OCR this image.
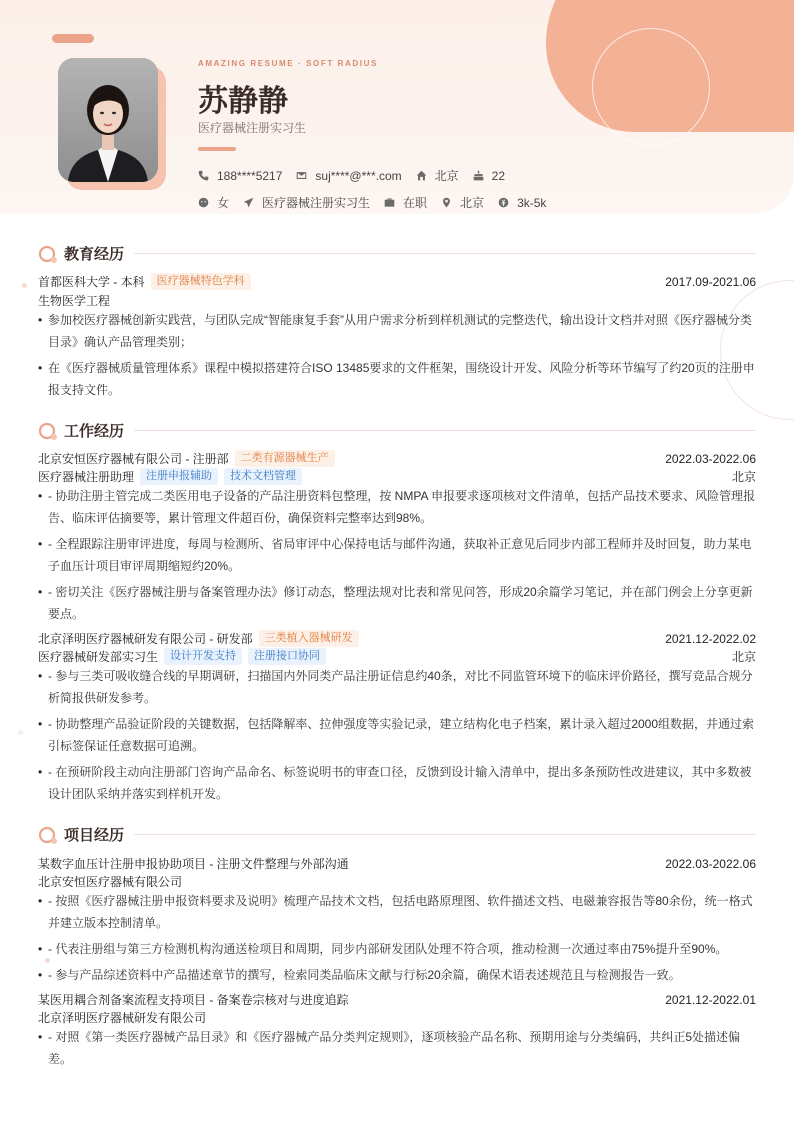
AMAZING RESUME · SOFT RADIUS
苏静静
医疗器械注册实习生
188****5217	suj****@***.com	北京	22
女	医疗器械注册实习生	在职	北京	3k-5k
教育经历
首都医科大学 - 本科	医疗器械特色学科	2017.09-2021.06
生物医学工程
• 参加校医疗器械创新实践营，与团队完成“智能康复手套”从用户需求分析到样机测试的完整迭代，输出设计文档并对照《医疗器械分类目录》确认产品管理类别；
• 在《医疗器械质量管理体系》课程中模拟搭建符合ISO 13485要求的文件框架，围绕设计开发、风险分析等环节编写了约20页的注册申报支持文件。
工作经历
北京安恒医疗器械有限公司 - 注册部	二类有源器械生产	2022.03-2022.06
医疗器械注册助理	注册申报辅助	技术文档管理	北京
• - 协助注册主管完成二类医用电子设备的产品注册资料包整理，按 NMPA 申报要求逐项核对文件清单，包括产品技术要求、风险管理报告、临床评估摘要等，累计管理文件超百份，确保资料完整率达到98%。
• - 全程跟踪注册审评进度，每周与检测所、省局审评中心保持电话与邮件沟通，获取补正意见后同步内部工程师并及时回复，助力某电子血压计项目审评周期缩短约20%。
• - 密切关注《医疗器械注册与备案管理办法》修订动态，整理法规对比表和常见问答，形成20余篇学习笔记，并在部门例会上分享更新要点。
北京泽明医疗器械研发有限公司 - 研发部	三类植入器械研发	2021.12-2022.02
医疗器械研发部实习生	设计开发支持	注册接口协同	北京
• - 参与三类可吸收缝合线的早期调研，扫描国内外同类产品注册证信息约40条，对比不同监管环境下的临床评价路径，撰写竞品合规分析简报供研发参考。
• - 协助整理产品验证阶段的关键数据，包括降解率、拉伸强度等实验记录，建立结构化电子档案，累计录入超过2000组数据，并通过索引标签保证任意数据可追溯。
• - 在预研阶段主动向注册部门咨询产品命名、标签说明书的审查口径，反馈到设计输入清单中，提出多条预防性改进建议，其中多数被设计团队采纳并落实到样机开发。
项目经历
某数字血压计注册申报协助项目 - 注册文件整理与外部沟通	2022.03-2022.06
北京安恒医疗器械有限公司
• - 按照《医疗器械注册申报资料要求及说明》梳理产品技术文档，包括电路原理图、软件描述文档、电磁兼容报告等80余份，统一格式并建立版本控制清单。
• - 代表注册组与第三方检测机构沟通送检项目和周期，同步内部研发团队处理不符合项，推动检测一次通过率由75%提升至90%。
• - 参与产品综述资料中产品描述章节的撰写，检索同类品临床文献与行标20余篇，确保术语表述规范且与检测报告一致。
某医用耦合剂备案流程支持项目 - 备案卷宗核对与进度追踪	2021.12-2022.01
北京泽明医疗器械研发有限公司
• - 对照《第一类医疗器械产品目录》和《医疗器械产品分类判定规则》，逐项核验产品名称、预期用途与分类编码，共纠正5处描述偏差。
